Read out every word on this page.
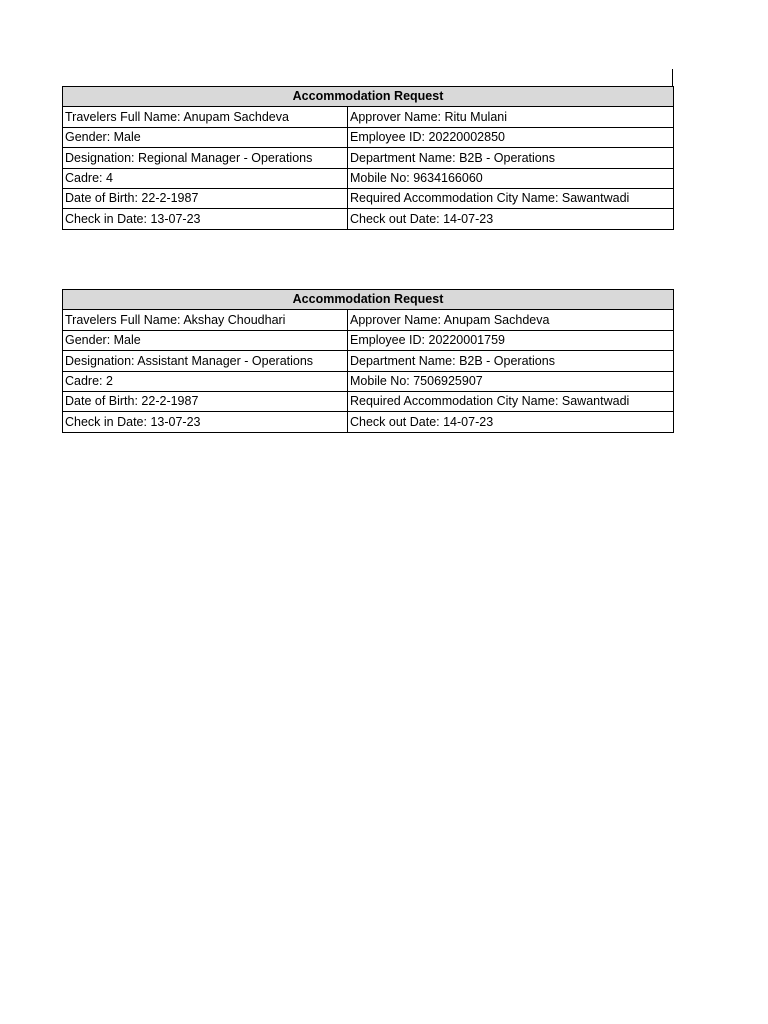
Accommodation Request	
Travelers Full Name: Anupam Sachdeva	Approver Name: Ritu Mulani
Gender: Male	Employee ID: 20220002850
Designation: Regional Manager - Operations	Department Name: B2B - Operations
Cadre: 4	Mobile No: 9634166060
Date of Birth: 22-2-1987	Required Accommodation City Name: Sawantwadi
Check in Date: 13-07-23	Check out Date: 14-07-23
Accommodation Request	
Travelers Full Name: Akshay Choudhari	Approver Name: Anupam Sachdeva
Gender: Male	Employee ID: 20220001759
Designation: Assistant Manager - Operations	Department Name: B2B - Operations
Cadre: 2	Mobile No: 7506925907
Date of Birth: 22-2-1987	Required Accommodation City Name: Sawantwadi
Check in Date: 13-07-23	Check out Date: 14-07-23
